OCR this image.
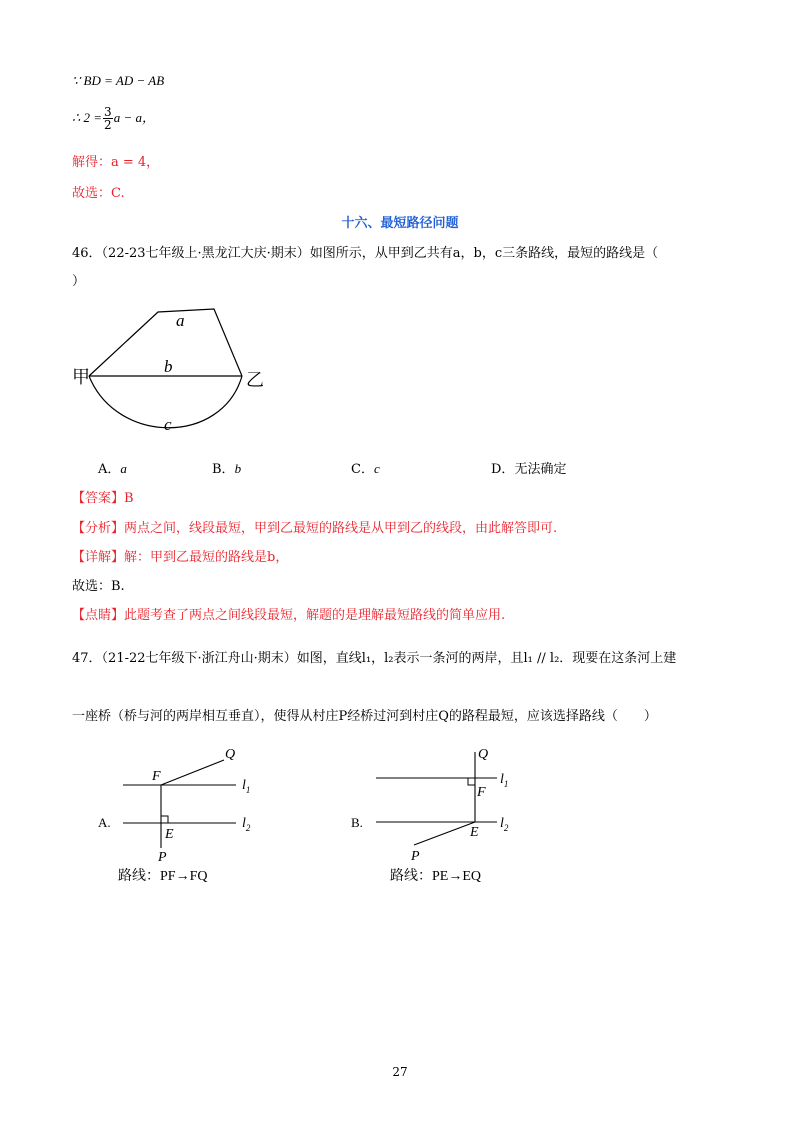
∵ BD = AD − AB
∴ $2 = \frac{3}{2}$ a − a，
解得：a = 4，
故选：C.
十六、最短路径问题
46．（22-23七年级上·黑龙江大庆·期末）如图所示，从甲到乙共有a，b，c三条路线，最短的路线是（
）
a
b
c
甲	乙
A．a	B．b	C．c	D．无法确定
【答案】B
【分析】两点之间，线段最短，甲到乙最短的路线是从甲到乙的线段，由此解答即可.
【详解】解：甲到乙最短的路线是b，
故选：B.
【点睛】此题考查了两点之间线段最短，解题的是理解最短路线的简单应用.
47．（21-22七年级下·浙江舟山·期末）如图，直线l₁，l₂表示一条河的两岸，且l₁ // l₂．现要在这条河上建
一座桥（桥与河的两岸相互垂直），使得从村庄P经桥过河到村庄Q的路程最短，应该选择路线（　　）
A.
F
Q
E
P
$l_1$
$l_2$
路线：PF→FQ
B.
Q
F
E
P
$l_1$
$l_2$
路线：PE→EQ
27
